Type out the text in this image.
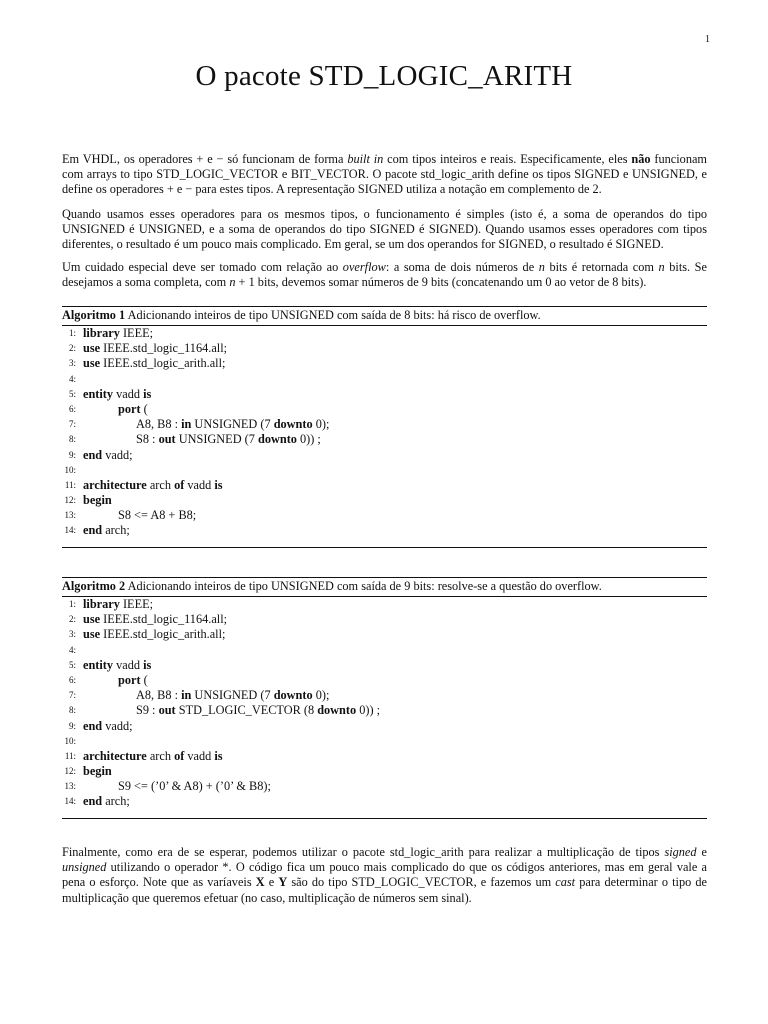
1
O pacote STD_LOGIC_ARITH

Em VHDL, os operadores + e − só funcionam de forma built in com tipos inteiros e reais. Especificamente, eles não funcionam com arrays to tipo STD_LOGIC_VECTOR e BIT_VECTOR. O pacote std_logic_arith define os tipos SIGNED e UNSIGNED, e define os operadores + e − para estes tipos. A representação SIGNED utiliza a notação em complemento de 2.

Quando usamos esses operadores para os mesmos tipos, o funcionamento é simples (isto é, a soma de operandos do tipo UNSIGNED é UNSIGNED, e a soma de operandos do tipo SIGNED é SIGNED). Quando usamos esses operadores com tipos diferentes, o resultado é um pouco mais complicado. Em geral, se um dos operandos for SIGNED, o resultado é SIGNED.

Um cuidado especial deve ser tomado com relação ao overflow: a soma de dois números de n bits é retornada com n bits. Se desejamos a soma completa, com n + 1 bits, devemos somar números de 9 bits (concatenando um 0 ao vetor de 8 bits).

Algoritmo 1 Adicionando inteiros de tipo UNSIGNED com saída de 8 bits: há risco de overflow.
1: library IEEE;
2: use IEEE.std_logic_1164.all;
3: use IEEE.std_logic_arith.all;
4:
5: entity vadd is
6:	port (
7:	A8, B8 : in UNSIGNED (7 downto 0);
8:	S8 : out UNSIGNED (7 downto 0)) ;
9: end vadd;
10:
11: architecture arch of vadd is
12: begin
13:	S8 <= A8 + B8;
14: end arch;
Algoritmo 2 Adicionando inteiros de tipo UNSIGNED com saída de 9 bits: resolve-se a questão do overflow.
1: library IEEE;
2: use IEEE.std_logic_1164.all;
3: use IEEE.std_logic_arith.all;
4:
5: entity vadd is
6:	port (
7:	A8, B8 : in UNSIGNED (7 downto 0);
8:	S9 : out STD_LOGIC_VECTOR (8 downto 0)) ;
9: end vadd;
10:
11: architecture arch of vadd is
12: begin
13:	S9 <= (’0’ & A8) + (’0’ & B8);
14: end arch;

Finalmente, como era de se esperar, podemos utilizar o pacote std_logic_arith para realizar a multiplicação de tipos signed e unsigned utilizando o operador *. O código fica um pouco mais complicado do que os códigos anteriores, mas em geral vale a pena o esforço. Note que as varíaveis X e Y são do tipo STD_LOGIC_VECTOR, e fazemos um cast para determinar o tipo de multiplicação que queremos efetuar (no caso, multiplicação de números sem sinal).
